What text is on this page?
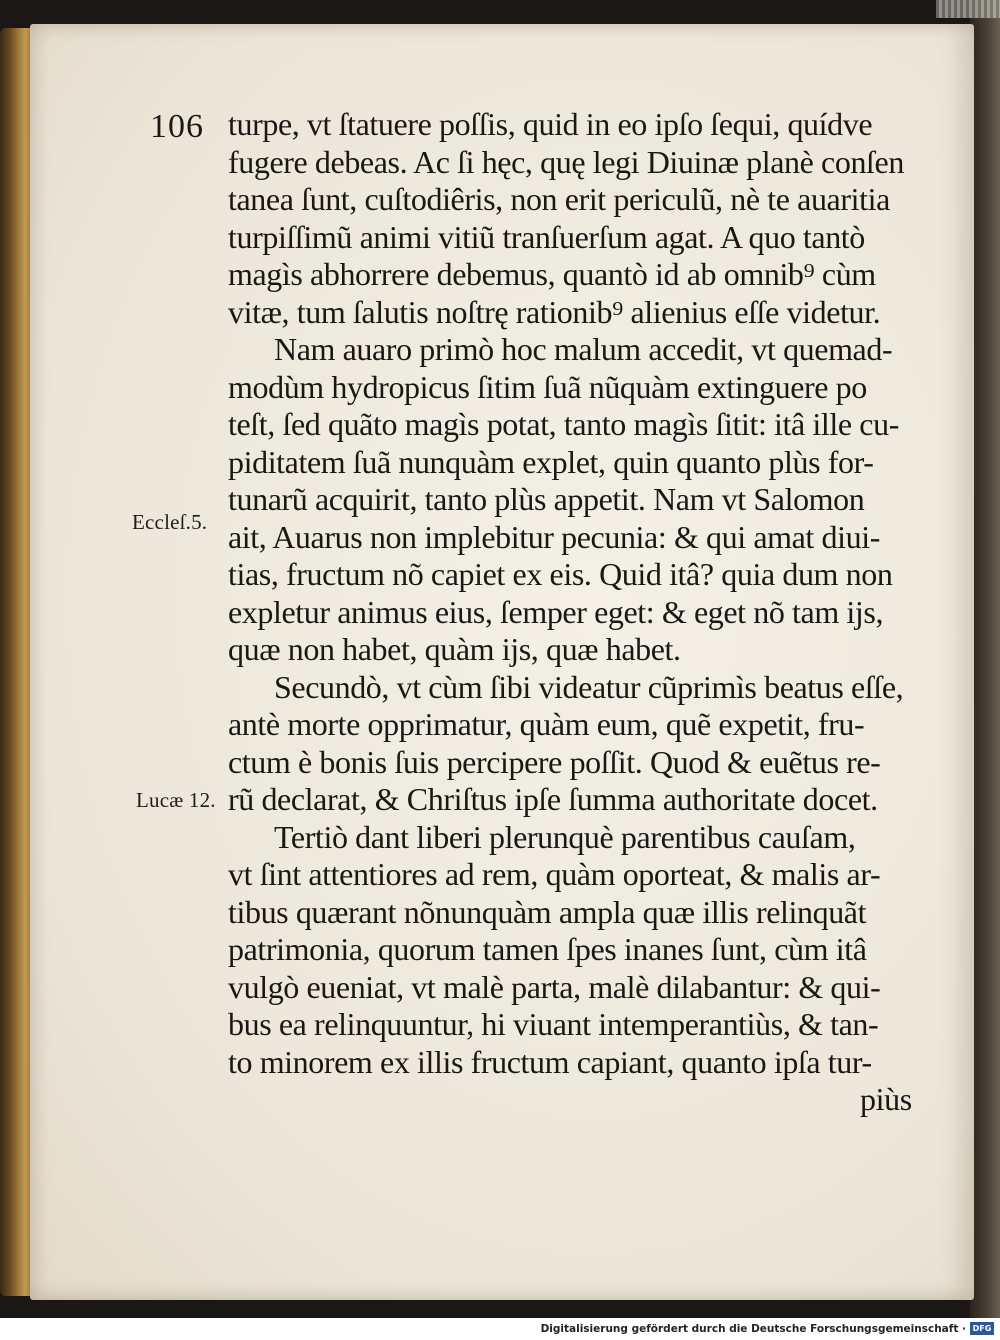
106 turpe, vt ſtatuere poſſis, quid in eo ipſo ſequi, quídve
fugere debeas. Ac ſi hęc, quę legi Diuinæ planè conſen
tanea ſunt, cuſtodiêris, non erit periculũ, nè te auaritia
turpiſſimũ animi vitiũ tranſuerſum agat. A quo tantò
magìs abhorrere debemus, quantò id ab omnib⁹ cùm
vitæ, tum ſalutis noſtrę rationib⁹ alienius eſſe videtur.
Nam auaro primò hoc malum accedit, vt quemad-
modùm hydropicus ſitim ſuã nũquàm extinguere po
teſt, ſed quãto magìs potat, tanto magìs ſitit: itâ ille cu-
piditatem ſuã nunquàm explet, quin quanto plùs for-
tunarũ acquirit, tanto plùs appetit. Nam vt Salomon
ait, Auarus non implebitur pecunia: & qui amat diui-
tias, fructum nõ capiet ex eis. Quid itâ? quia dum non
expletur animus eius, ſemper eget: & eget nõ tam ijs,
quæ non habet, quàm ijs, quæ habet.
Secundò, vt cùm ſibi videatur cũprimìs beatus eſſe,
antè morte opprimatur, quàm eum, quẽ expetit, fru-
ctum è bonis ſuis percipere poſſit. Quod & euẽtus re-
rũ declarat, & Chriſtus ipſe ſumma authoritate docet.
Tertiò dant liberi plerunquè parentibus cauſam,
vt ſint attentiores ad rem, quàm oporteat, & malis ar-
tibus quærant nõnunquàm ampla quæ illis relinquãt
patrimonia, quorum tamen ſpes inanes ſunt, cùm itâ
vulgò eueniat, vt malè parta, malè dilabantur: & qui-
bus ea relinquuntur, hi viuant intemperantiùs, & tan-
to minorem ex illis fructum capiant, quanto ipſa tur-
piùs
Eccleſ.5.
Lucæ 12.
Digitalisierung gefördert durch die Deutsche Forschungsgemeinschaft · DFG
